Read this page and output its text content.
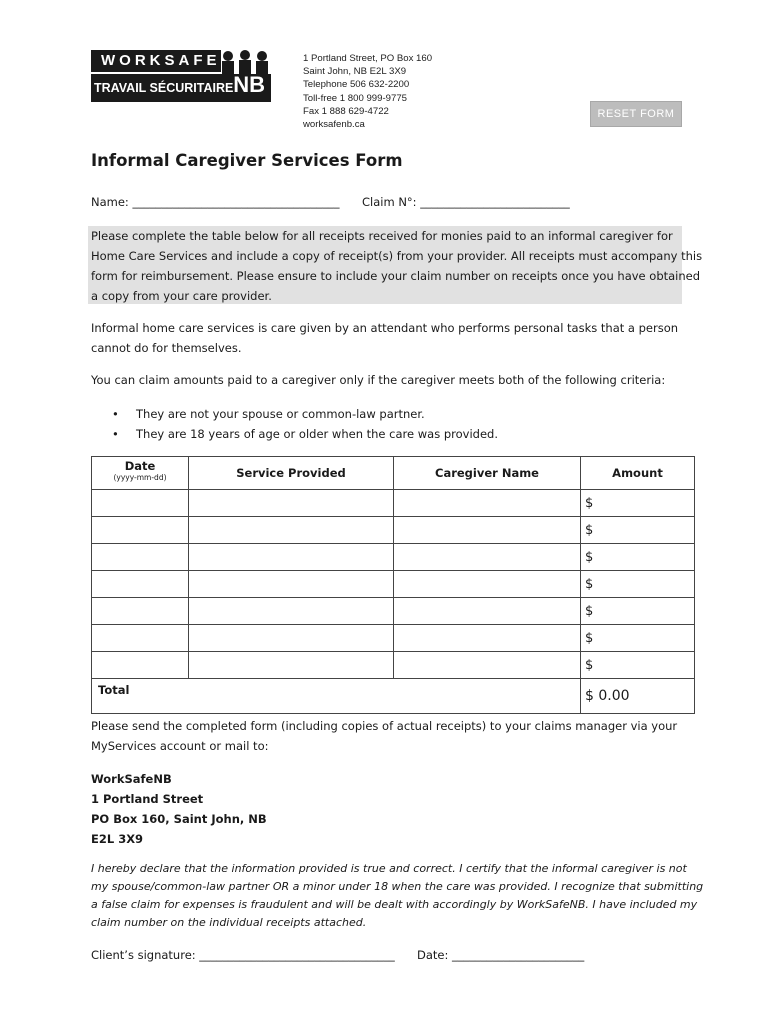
WORKSAFE
TRAVAIL SÉCURITAIRE NB
1 Portland Street, PO Box 160
Saint John, NB E2L 3X9
Telephone 506 632-2200
Toll-free 1 800 999-9775
Fax 1 888 629-4722
worksafenb.ca
RESET FORM
Informal Caregiver Services Form
Name: ____________________________________ Claim N°: __________________________
Please complete the table below for all receipts received for monies paid to an informal caregiver for
Home Care Services and include a copy of receipt(s) from your provider. All receipts must accompany this
form for reimbursement. Please ensure to include your claim number on receipts once you have obtained
a copy from your care provider.
Informal home care services is care given by an attendant who performs personal tasks that a person
cannot do for themselves.
You can claim amounts paid to a caregiver only if the caregiver meets both of the following criteria:
• They are not your spouse or common-law partner.
• They are 18 years of age or older when the care was provided.
Date
(yyyy-mm-dd)	Service Provided	Caregiver Name	Amount
			$
			$
			$
			$
			$
			$
			$
Total			$ 0.00
Please send the completed form (including copies of actual receipts) to your claims manager via your
MyServices account or mail to:
WorkSafeNB
1 Portland Street
PO Box 160, Saint John, NB
E2L 3X9
I hereby declare that the information provided is true and correct. I certify that the informal caregiver is not
my spouse/common-law partner OR a minor under 18 when the care was provided. I recognize that submitting
a false claim for expenses is fraudulent and will be dealt with accordingly by WorkSafeNB. I have included my
claim number on the individual receipts attached.
Client’s signature: __________________________________ Date: _______________________
